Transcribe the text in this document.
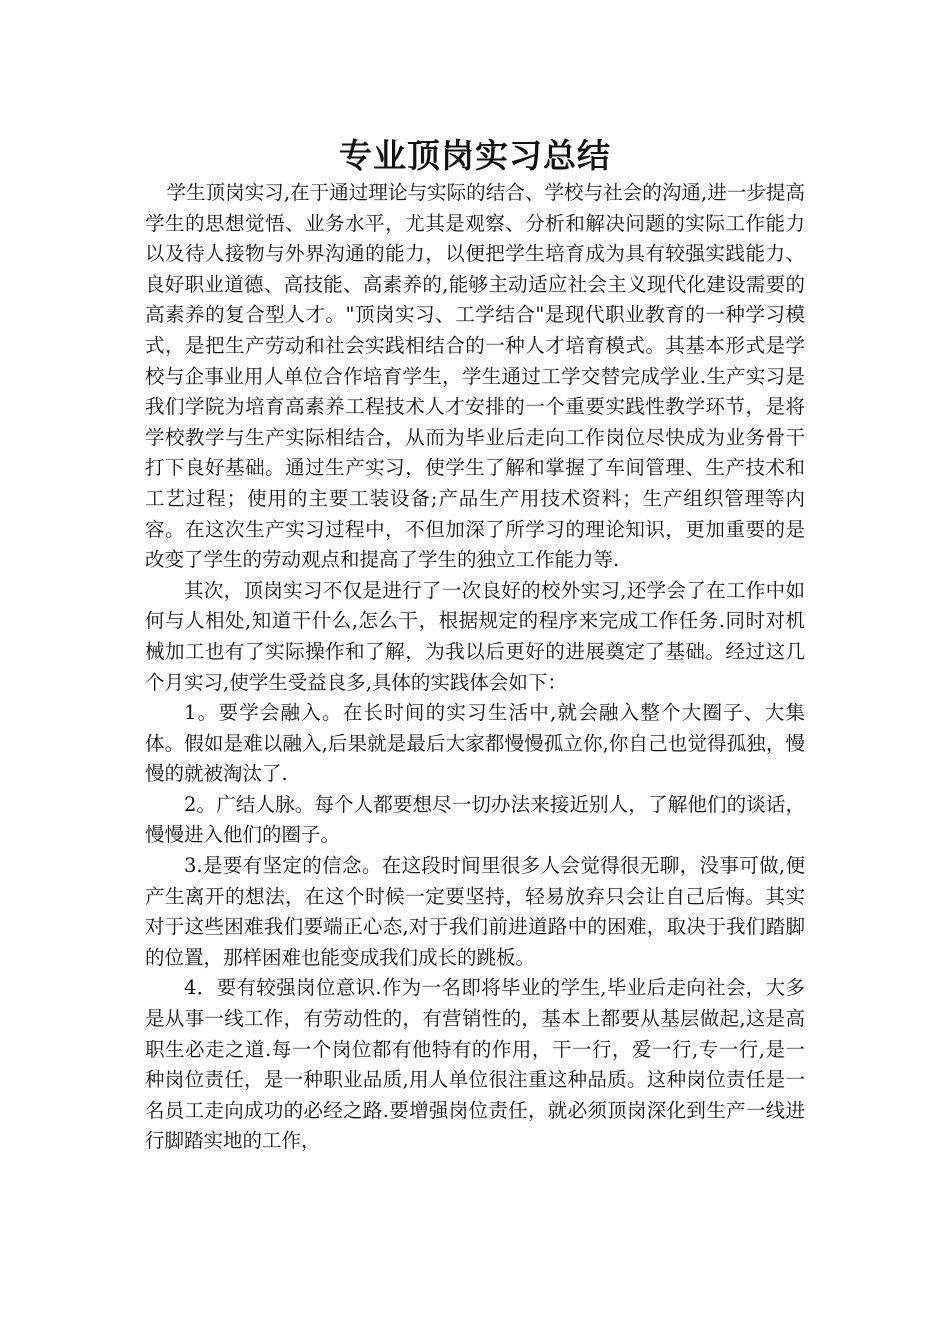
专业顶岗实习总结

学生顶岗实习,在于通过理论与实际的结合、学校与社会的沟通,进一步提高学生的思想觉悟、业务水平，尤其是观察、分析和解决问题的实际工作能力以及待人接物与外界沟通的能力，以便把学生培育成为具有较强实践能力、良好职业道德、高技能、高素养的,能够主动适应社会主义现代化建设需要的高素养的复合型人才。"顶岗实习、工学结合"是现代职业教育的一种学习模式，是把生产劳动和社会实践相结合的一种人才培育模式。其基本形式是学校与企事业用人单位合作培育学生，学生通过工学交替完成学业.生产实习是我们学院为培育高素养工程技术人才安排的一个重要实践性教学环节，是将学校教学与生产实际相结合，从而为毕业后走向工作岗位尽快成为业务骨干打下良好基础。通过生产实习，使学生了解和掌握了车间管理、生产技术和工艺过程；使用的主要工装设备;产品生产用技术资料；生产组织管理等内容。在这次生产实习过程中，不但加深了所学习的理论知识，更加重要的是改变了学生的劳动观点和提高了学生的独立工作能力等.

其次，顶岗实习不仅是进行了一次良好的校外实习,还学会了在工作中如何与人相处,知道干什么,怎么干，根据规定的程序来完成工作任务.同时对机械加工也有了实际操作和了解，为我以后更好的进展奠定了基础。经过这几个月实习,使学生受益良多,具体的实践体会如下：

1。要学会融入。在长时间的实习生活中,就会融入整个大圈子、大集体。假如是难以融入,后果就是最后大家都慢慢孤立你,你自己也觉得孤独，慢慢的就被淘汰了.

2。广结人脉。每个人都要想尽一切办法来接近别人，了解他们的谈话，慢慢进入他们的圈子。

3.是要有坚定的信念。在这段时间里很多人会觉得很无聊，没事可做,便产生离开的想法，在这个时候一定要坚持，轻易放弃只会让自己后悔。其实对于这些困难我们要端正心态,对于我们前进道路中的困难，取决于我们踏脚的位置，那样困难也能变成我们成长的跳板。

4．要有较强岗位意识.作为一名即将毕业的学生,毕业后走向社会，大多是从事一线工作，有劳动性的，有营销性的，基本上都要从基层做起,这是高职生必走之道.每一个岗位都有他特有的作用，干一行，爱一行,专一行,是一种岗位责任，是一种职业品质,用人单位很注重这种品质。这种岗位责任是一名员工走向成功的必经之路.要增强岗位责任，就必须顶岗深化到生产一线进行脚踏实地的工作，
